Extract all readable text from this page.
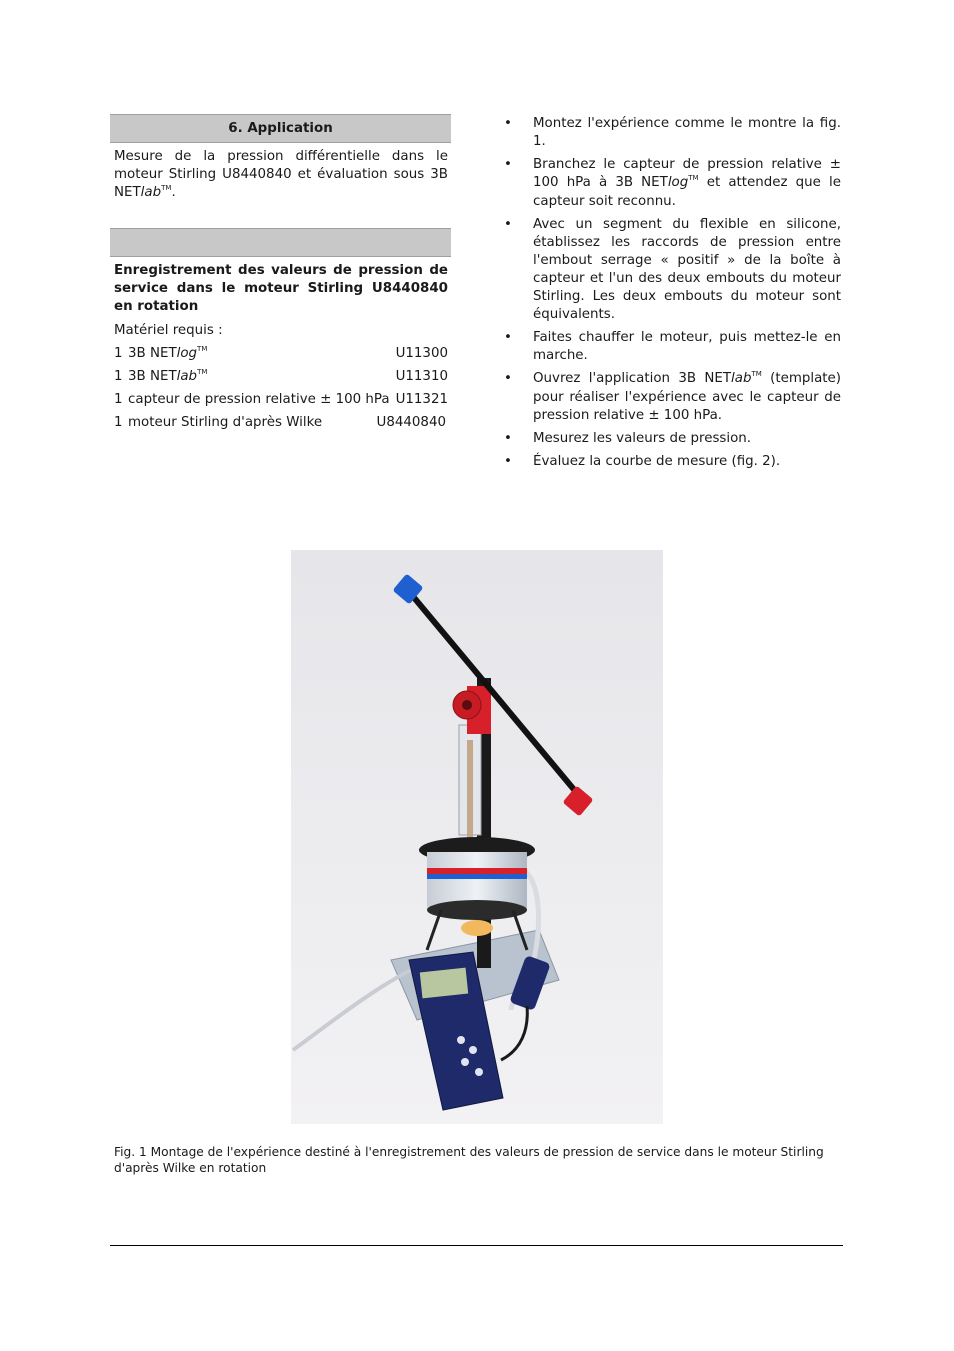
6. Application
Mesure de la pression différentielle dans le moteur Stirling U8440840 et évaluation sous 3B NETlab™.
Enregistrement des valeurs de pression de service dans le moteur Stirling U8440840 en rotation
Matériel requis :
1 3B NETlog™	U11300
1 3B NETlab™	U11310
1 capteur de pression relative ± 100 hPa U11321
1 moteur Stirling d'après Wilke	U8440840
• Montez l'expérience comme le montre la fig. 1.
• Branchez le capteur de pression relative ± 100 hPa à 3B NETlog™ et attendez que le capteur soit reconnu.
• Avec un segment du flexible en silicone, établissez les raccords de pression entre l'embout serrage « positif » de la boîte à capteur et l'un des deux embouts du moteur Stirling. Les deux embouts du moteur sont équivalents.
• Faites chauffer le moteur, puis mettez-le en marche.
• Ouvrez l'application 3B NETlab™ (template) pour réaliser l'expérience avec le capteur de pression relative ± 100 hPa.
• Mesurez les valeurs de pression.
• Évaluez la courbe de mesure (fig. 2).
Fig. 1 Montage de l'expérience destiné à l'enregistrement des valeurs de pression de service dans le moteur Stirling d'après Wilke en rotation
